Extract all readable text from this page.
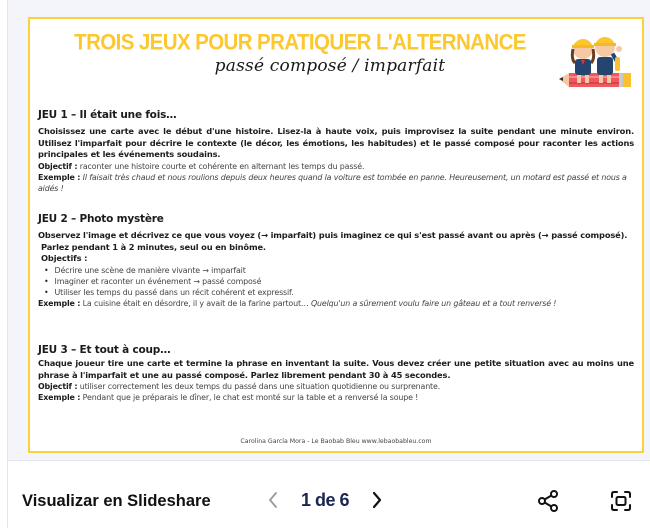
TROIS JEUX POUR PRATIQUER L'ALTERNANCE
passé composé / imparfait
JEU 1 – Il était une fois…
Choisissez une carte avec le début d'une histoire. Lisez-la à haute voix, puis improvisez la suite pendant une minute environ. Utilisez l'imparfait pour décrire le contexte (le décor, les émotions, les habitudes) et le passé composé pour raconter les actions principales et les événements soudains.
Objectif : raconter une histoire courte et cohérente en alternant les temps du passé.
Exemple : Il faisait très chaud et nous roulions depuis deux heures quand la voiture est tombée en panne. Heureusement, un motard est passé et nous a aidés !
JEU 2 – Photo mystère
Observez l'image et décrivez ce que vous voyez (→ imparfait) puis imaginez ce qui s'est passé avant ou après (→ passé composé).
Parlez pendant 1 à 2 minutes, seul ou en binôme.
Objectifs :
• Décrire une scène de manière vivante → imparfait
• Imaginer et raconter un événement → passé composé
• Utiliser les temps du passé dans un récit cohérent et expressif.
Exemple : La cuisine était en désordre, il y avait de la farine partout… Quelqu'un a sûrement voulu faire un gâteau et a tout renversé !
JEU 3 – Et tout à coup…
Chaque joueur tire une carte et termine la phrase en inventant la suite. Vous devez créer une petite situation avec au moins une phrase à l'imparfait et une au passé composé. Parlez librement pendant 30 à 45 secondes.
Objectif : utiliser correctement les deux temps du passé dans une situation quotidienne ou surprenante.
Exemple : Pendant que je préparais le dîner, le chat est monté sur la table et a renversé la soupe !
Carolina García Mora - Le Baobab Bleu www.lebaobableu.com
Visualizar en Slideshare	1 de 6
